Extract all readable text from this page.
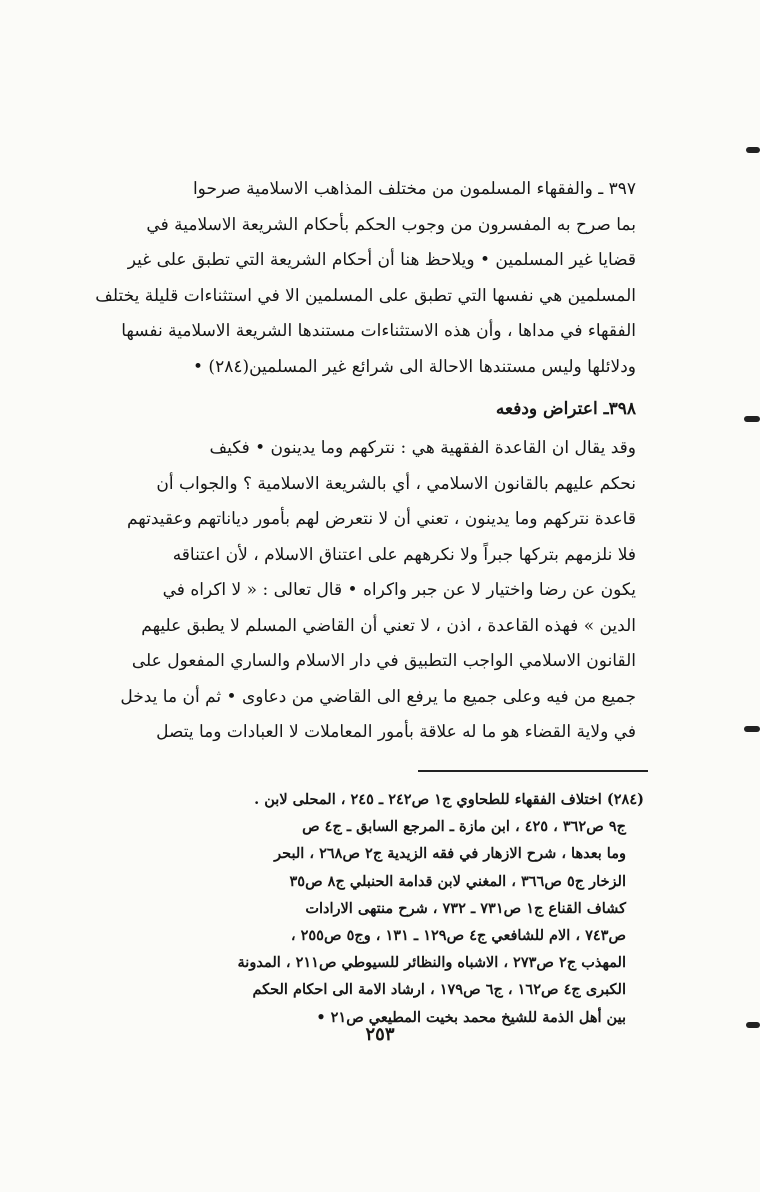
٣٩٧ ـ والفقهاء المسلمون من مختلف المذاهب الاسلامية صرحوا

بما صرح به المفسرون من وجوب الحكم بأحكام الشريعة الاسلامية في

قضايا غير المسلمين • ويلاحظ هنا أن أحكام الشريعة التي تطبق على غير

المسلمين هي نفسها التي تطبق على المسلمين الا في استثناءات قليلة يختلف

الفقهاء في مداها ، وأن هذه الاستثناءات مستندها الشريعة الاسلامية نفسها

ودلائلها وليس مستندها الاحالة الى شرائع غير المسلمين(٢٨٤) •

٣٩٨ـ اعتراض ودفعه

وقد يقال ان القاعدة الفقهية هي : نتركهم وما يدينون • فكيف

نحكم عليهم بالقانون الاسلامي ، أي بالشريعة الاسلامية ؟ والجواب أن

قاعدة نتركهم وما يدينون ، تعني أن لا نتعرض لهم بأمور دياناتهم وعقيدتهم

فلا نلزمهم بتركها جبراً ولا نكرههم على اعتناق الاسلام ، لأن اعتناقه

يكون عن رضا واختيار لا عن جبر واكراه • قال تعالى : « لا اكراه في

الدين » فهذه القاعدة ، اذن ، لا تعني أن القاضي المسلم لا يطبق عليهم

القانون الاسلامي الواجب التطبيق في دار الاسلام والساري المفعول على

جميع من فيه وعلى جميع ما يرفع الى القاضي من دعاوى • ثم أن ما يدخل

في ولاية القضاء هو ما له علاقة بأمور المعاملات لا العبادات وما يتصل

(٢٨٤) اختلاف الفقهاء للطحاوي ج١ ص٢٤٢ ـ ٢٤٥ ، المحلى لابن .

ج٩ ص٣٦٢ ، ٤٢٥ ، ابن مازة ـ المرجع السابق ـ ج٤ ص

وما بعدها ، شرح الازهار في فقه الزيدية ج٢ ص٢٦٨ ، البحر

الزخار ج٥ ص٣٦٦ ، المغني لابن قدامة الحنبلي ج٨ ص٣٥

كشاف القناع ج١ ص٧٣١ ـ ٧٣٢ ، شرح منتهى الارادات

ص٧٤٣ ، الام للشافعي ج٤ ص١٢٩ ـ ١٣١ ، وج٥ ص٢٥٥ ،

المهذب ج٢ ص٢٧٣ ، الاشباه والنظائر للسيوطي ص٢١١ ، المدونة

الكبرى ج٤ ص١٦٢ ، ج٦ ص١٧٩ ، ارشاد الامة الى احكام الحكم

بين أهل الذمة للشيخ محمد بخيت المطيعي ص٢١ •

٢٥٣
